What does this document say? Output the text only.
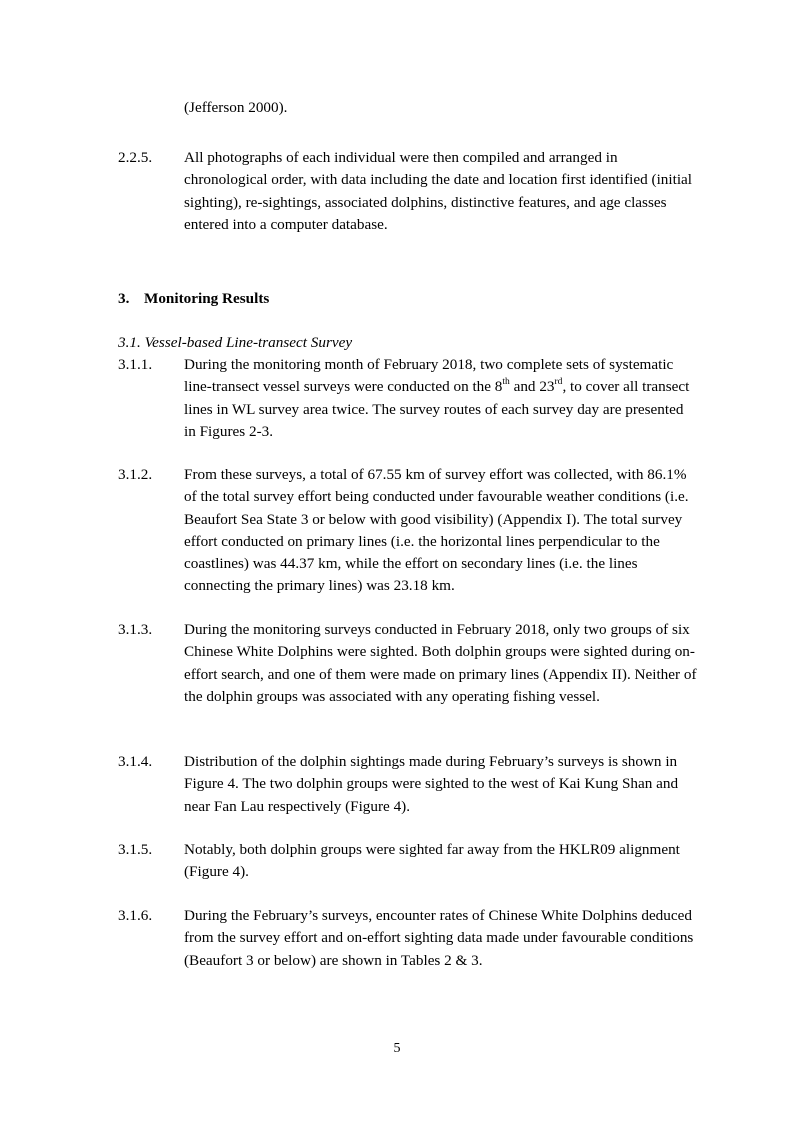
(Jefferson 2000).
2.2.5. All photographs of each individual were then compiled and arranged in chronological order, with data including the date and location first identified (initial sighting), re-sightings, associated dolphins, distinctive features, and age classes entered into a computer database.
3. Monitoring Results
3.1. Vessel-based Line-transect Survey
3.1.1. During the monitoring month of February 2018, two complete sets of systematic line-transect vessel surveys were conducted on the 8th and 23rd, to cover all transect lines in WL survey area twice. The survey routes of each survey day are presented in Figures 2-3.
3.1.2. From these surveys, a total of 67.55 km of survey effort was collected, with 86.1% of the total survey effort being conducted under favourable weather conditions (i.e. Beaufort Sea State 3 or below with good visibility) (Appendix I). The total survey effort conducted on primary lines (i.e. the horizontal lines perpendicular to the coastlines) was 44.37 km, while the effort on secondary lines (i.e. the lines connecting the primary lines) was 23.18 km.
3.1.3. During the monitoring surveys conducted in February 2018, only two groups of six Chinese White Dolphins were sighted. Both dolphin groups were sighted during on-effort search, and one of them were made on primary lines (Appendix II). Neither of the dolphin groups was associated with any operating fishing vessel.
3.1.4. Distribution of the dolphin sightings made during February’s surveys is shown in Figure 4. The two dolphin groups were sighted to the west of Kai Kung Shan and near Fan Lau respectively (Figure 4).
3.1.5. Notably, both dolphin groups were sighted far away from the HKLR09 alignment (Figure 4).
3.1.6. During the February’s surveys, encounter rates of Chinese White Dolphins deduced from the survey effort and on-effort sighting data made under favourable conditions (Beaufort 3 or below) are shown in Tables 2 & 3.
5
